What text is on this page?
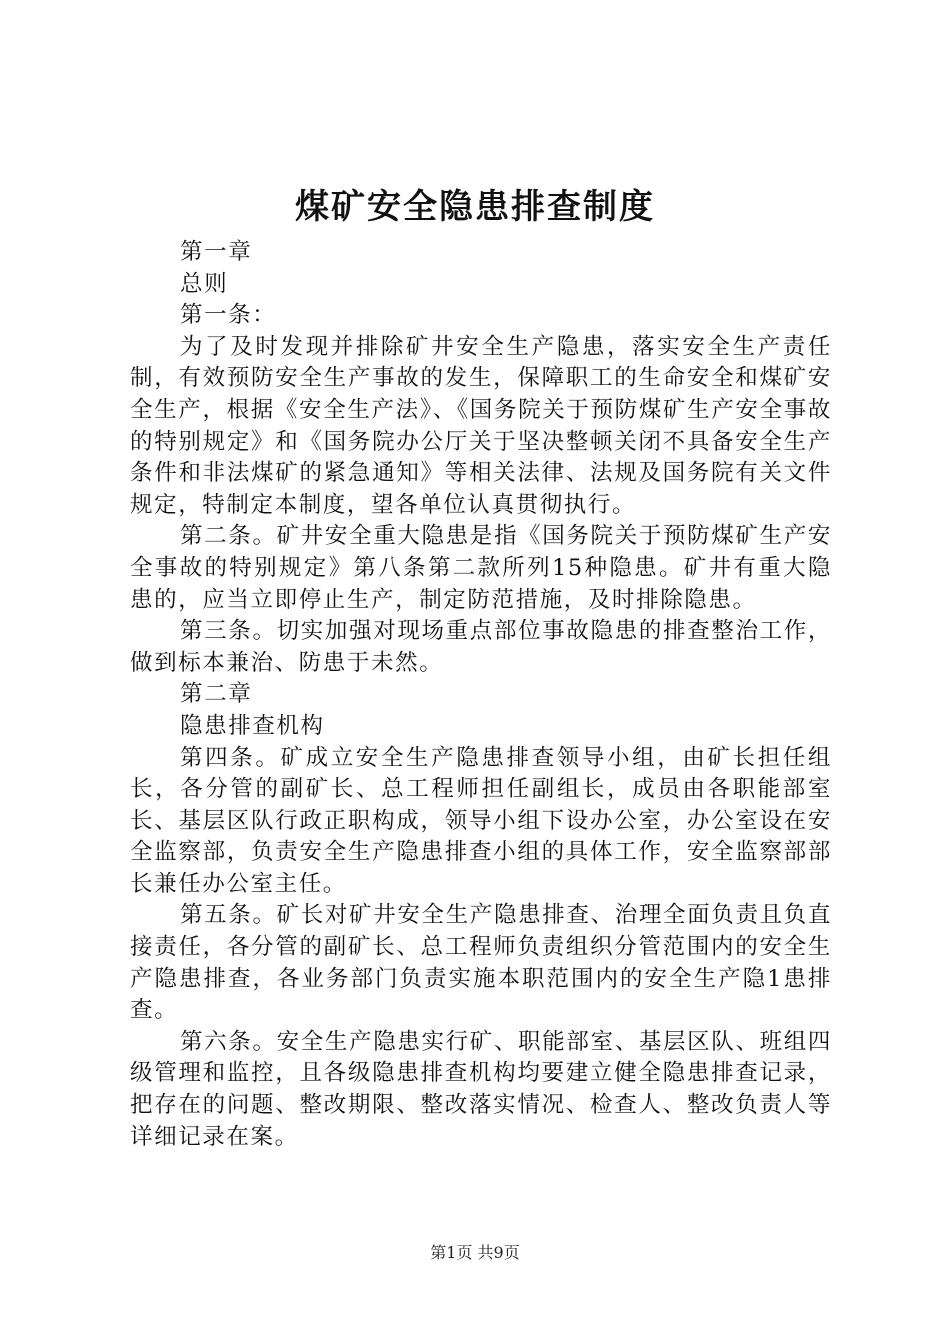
煤矿安全隐患排查制度

第一章

总则

第一条：

为了及时发现并排除矿井安全生产隐患，落实安全生产责任制，有效预防安全生产事故的发生，保障职工的生命安全和煤矿安全生产，根据《安全生产法》、《国务院关于预防煤矿生产安全事故的特别规定》和《国务院办公厅关于坚决整顿关闭不具备安全生产条件和非法煤矿的紧急通知》等相关法律、法规及国务院有关文件规定，特制定本制度，望各单位认真贯彻执行。

第二条。矿井安全重大隐患是指《国务院关于预防煤矿生产安全事故的特别规定》第八条第二款所列15种隐患。矿井有重大隐患的，应当立即停止生产，制定防范措施，及时排除隐患。

第三条。切实加强对现场重点部位事故隐患的排查整治工作，做到标本兼治、防患于未然。

第二章

隐患排查机构

第四条。矿成立安全生产隐患排查领导小组，由矿长担任组长，各分管的副矿长、总工程师担任副组长，成员由各职能部室长、基层区队行政正职构成，领导小组下设办公室，办公室设在安全监察部，负责安全生产隐患排查小组的具体工作，安全监察部部长兼任办公室主任。

第五条。矿长对矿井安全生产隐患排查、治理全面负责且负直接责任，各分管的副矿长、总工程师负责组织分管范围内的安全生产隐患排查，各业务部门负责实施本职范围内的安全生产隐1患排查。

第六条。安全生产隐患实行矿、职能部室、基层区队、班组四级管理和监控，且各级隐患排查机构均要建立健全隐患排查记录，把存在的问题、整改期限、整改落实情况、检查人、整改负责人等详细记录在案。

第1页 共9页
